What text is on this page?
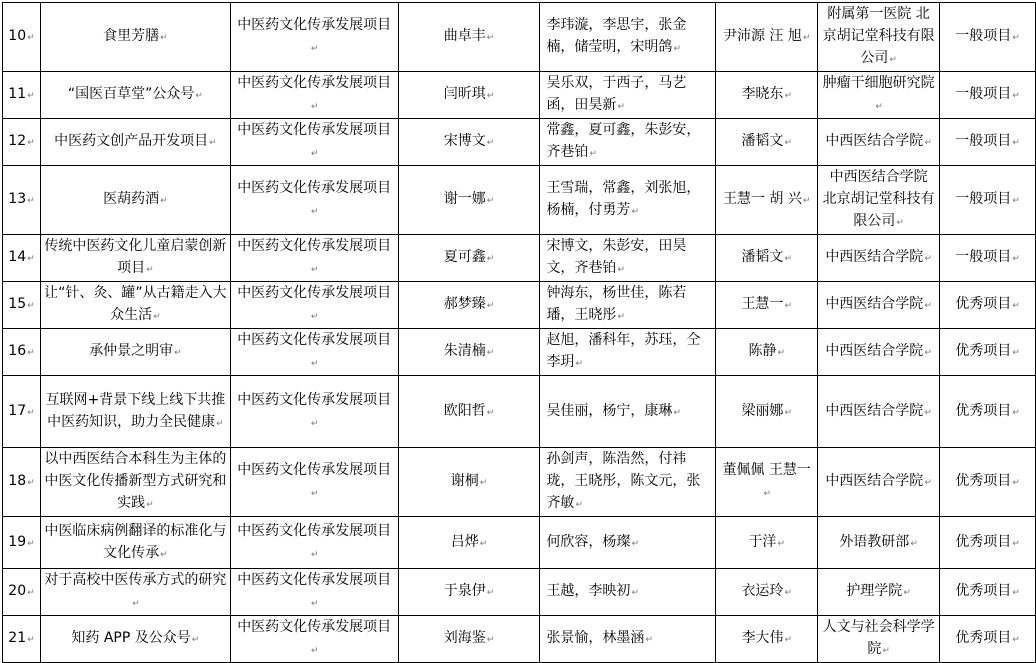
10↵	食里芳膳↵	中医药文化传承发展项目↵	曲卓丰↵	李玮漩，李思宇，张金楠，储莹明，宋明鸽↵	尹沛源 汪 旭↵	附属第一医院 北京胡记堂科技有限公司↵	一般项目↵

11↵	“国医百草堂”公众号↵	中医药文化传承发展项目↵	闫昕琪↵	吴乐双，于西子，马艺函，田昊新↵	李晓东↵	肿瘤干细胞研究院↵	一般项目↵

12↵	中医药文创产品开发项目↵	中医药文化传承发展项目↵	宋博文↵	常鑫，夏可鑫，朱彭安，齐巷铂↵	潘韬文↵	中西医结合学院↵	一般项目↵

13↵	医葫药酒↵	中医药文化传承发展项目↵	谢一娜↵	王雪瑞，常鑫，刘张旭，杨楠，付勇芳↵	王慧一 胡 兴↵	中西医结合学院 北京胡记堂科技有限公司↵	一般项目↵

14↵	传统中医药文化儿童启蒙创新项目↵	中医药文化传承发展项目↵	夏可鑫↵	宋博文，朱彭安，田昊文，齐巷铂↵	潘韬文↵	中西医结合学院↵	一般项目↵

15↵	让“针、灸、罐”从古籍走入大众生活↵	中医药文化传承发展项目↵	郝梦臻↵	钟海东，杨世佳，陈若璠，王晓彤↵	王慧一↵	中西医结合学院↵	优秀项目↵

16↵	承仲景之明审↵	中医药文化传承发展项目↵	朱清楠↵	赵旭，潘科年，苏珏，仝李玥↵	陈静↵	中西医结合学院↵	优秀项目↵

17↵	互联网+背景下线上线下共推中医药知识，助力全民健康↵	中医药文化传承发展项目↵	欧阳哲↵	吴佳丽，杨宁，康琳↵	梁丽娜↵	中西医结合学院↵	优秀项目↵

18↵	以中西医结合本科生为主体的中医文化传播新型方式研究和实践↵	中医药文化传承发展项目↵	谢桐↵	孙剑声，陈浩然，付祎珑，王晓彤，陈文元，张齐敏↵	董佩佩 王慧一↵	中西医结合学院↵	优秀项目↵

19↵	中医临床病例翻译的标准化与文化传承↵	中医药文化传承发展项目↵	吕烨↵	何欣容，杨璨↵	于洋↵	外语教研部↵	优秀项目↵

20↵	对于高校中医传承方式的研究↵	中医药文化传承发展项目↵	于泉伊↵	王越，李映初↵	衣运玲↵	护理学院↵	优秀项目↵

21↵	知药 APP 及公众号↵	中医药文化传承发展项目↵	刘海鉴↵	张景愉，林墨涵↵	李大伟↵	人文与社会科学学院↵	优秀项目↵
